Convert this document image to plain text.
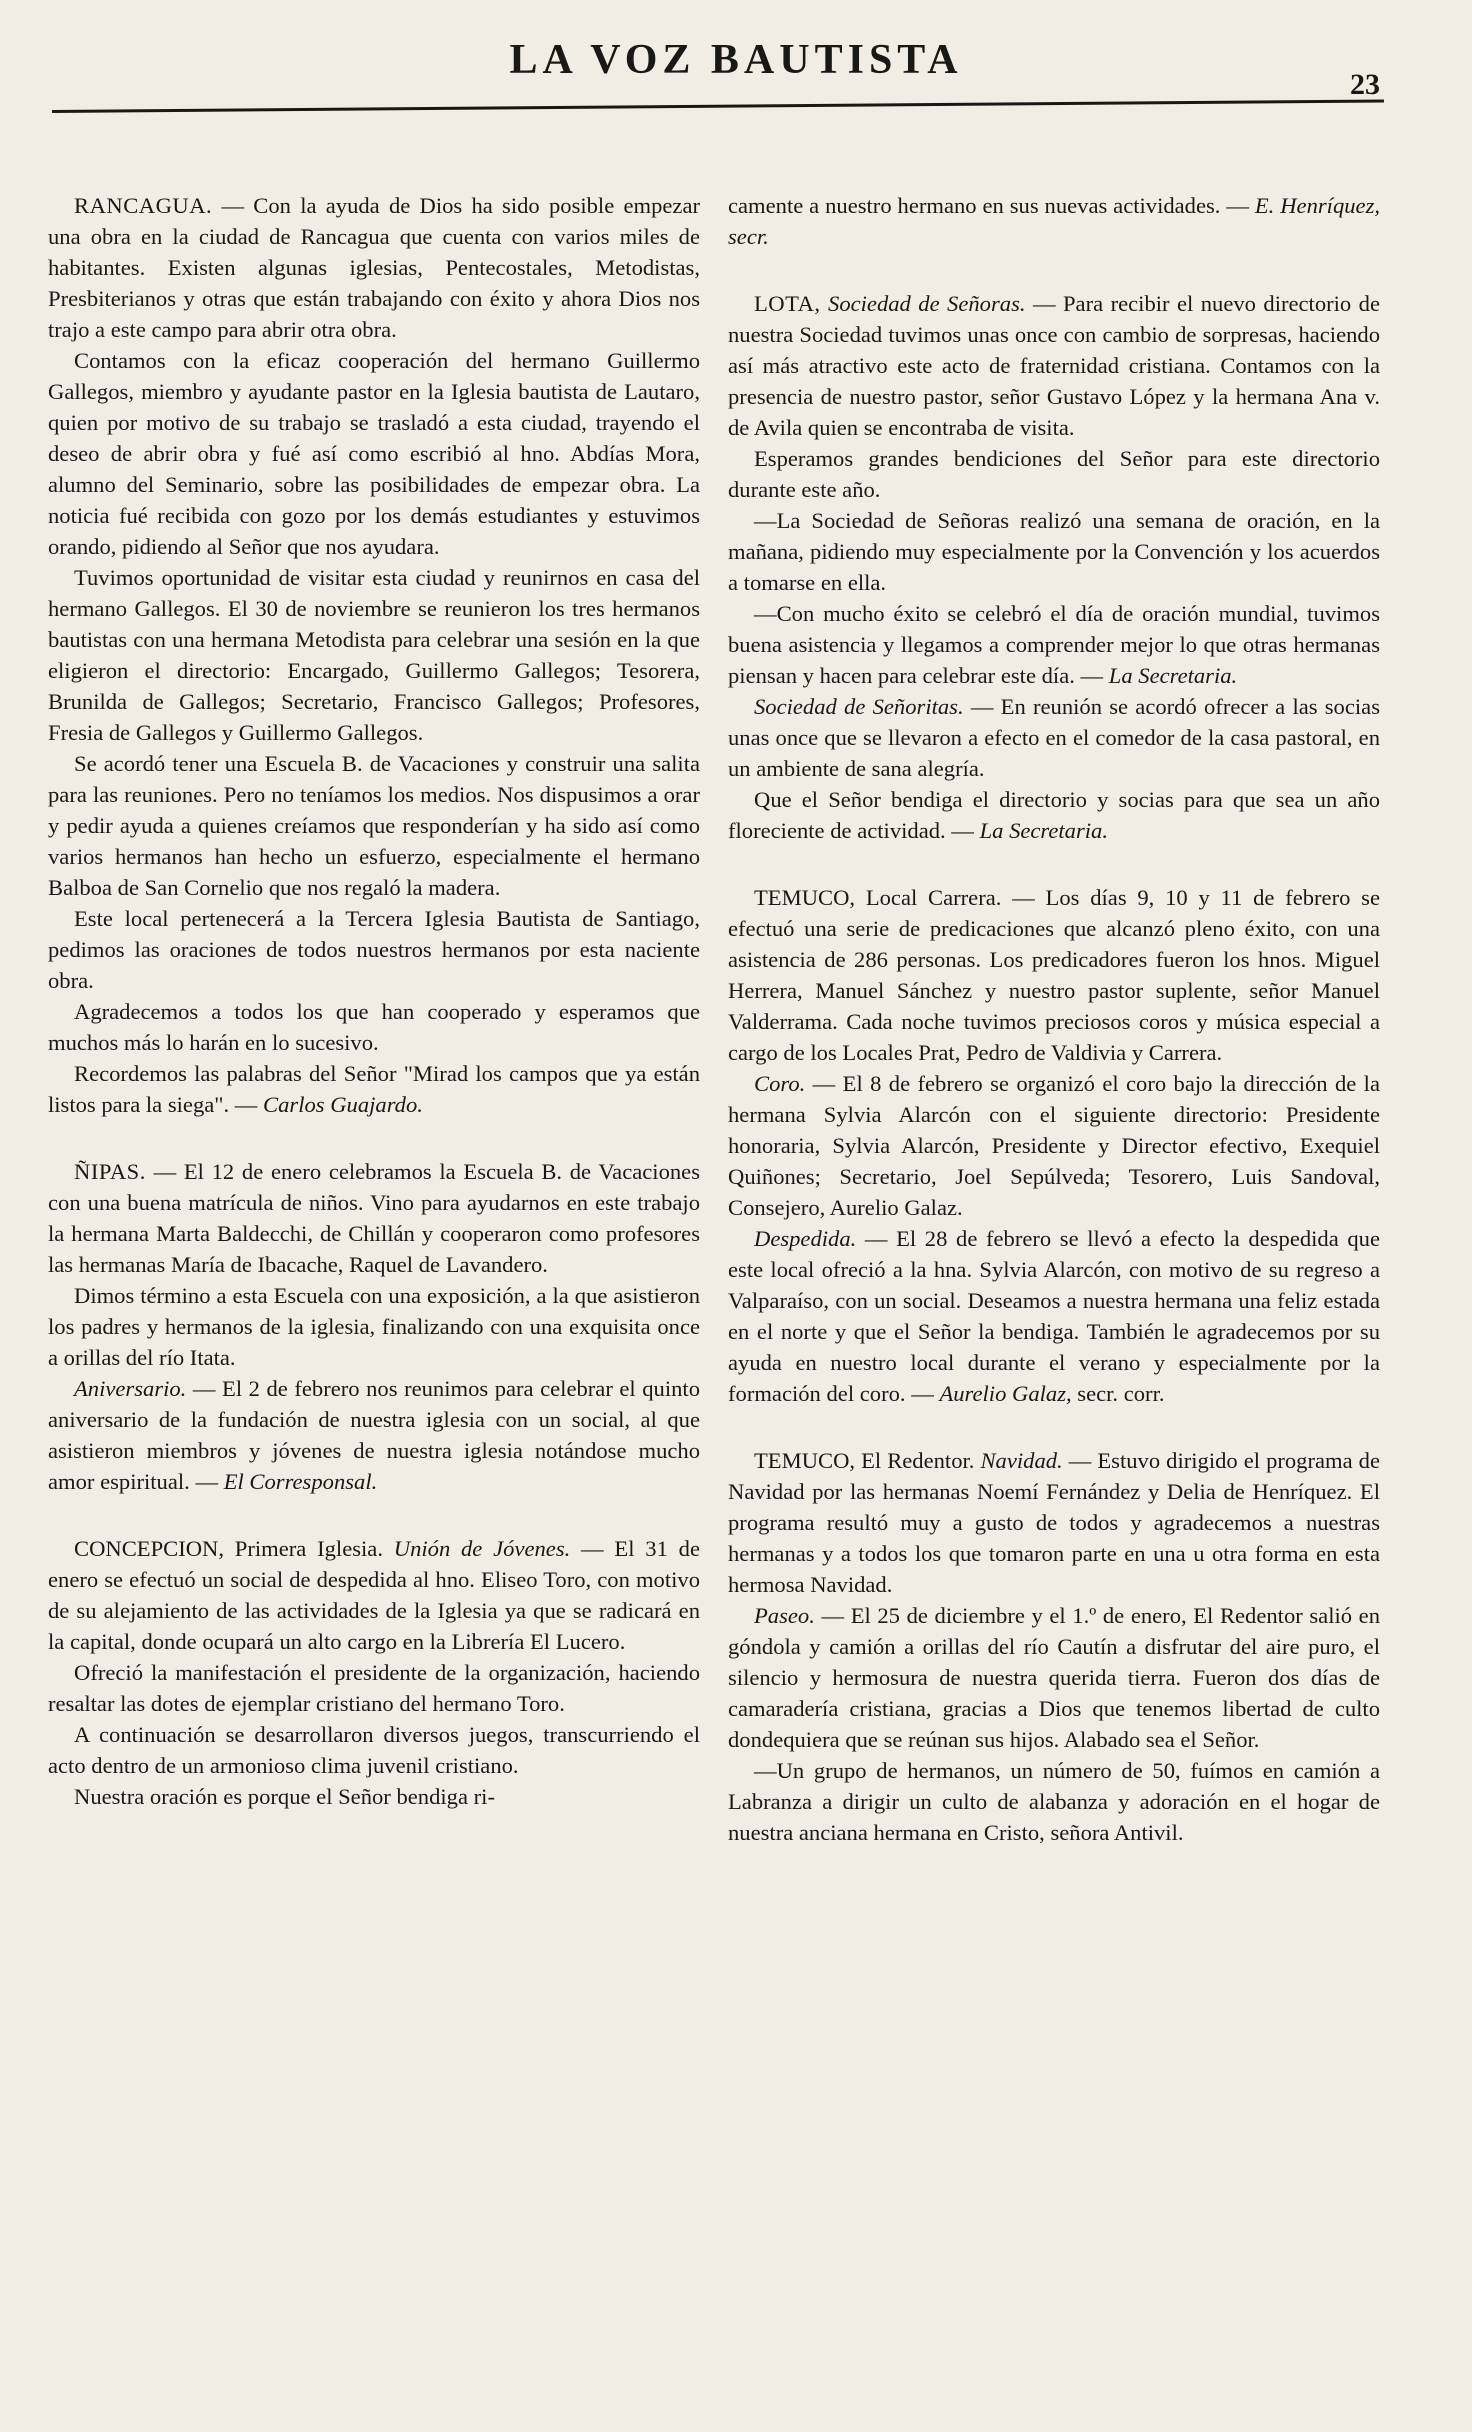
LA VOZ BAUTISTA
23

RANCAGUA. — Con la ayuda de Dios ha sido posible empezar una obra en la ciudad de Rancagua que cuenta con varios miles de habitantes. Existen algunas iglesias, Pentecostales, Metodistas, Presbiterianos y otras que están trabajando con éxito y ahora Dios nos trajo a este campo para abrir otra obra.

Contamos con la eficaz cooperación del hermano Guillermo Gallegos, miembro y ayudante pastor en la Iglesia bautista de Lautaro, quien por motivo de su trabajo se trasladó a esta ciudad, trayendo el deseo de abrir obra y fué así como escribió al hno. Abdías Mora, alumno del Seminario, sobre las posibilidades de empezar obra. La noticia fué recibida con gozo por los demás estudiantes y estuvimos orando, pidiendo al Señor que nos ayudara.

Tuvimos oportunidad de visitar esta ciudad y reunirnos en casa del hermano Gallegos. El 30 de noviembre se reunieron los tres hermanos bautistas con una hermana Metodista para celebrar una sesión en la que eligieron el directorio: Encargado, Guillermo Gallegos; Tesorera, Brunilda de Gallegos; Secretario, Francisco Gallegos; Profesores, Fresia de Gallegos y Guillermo Gallegos.

Se acordó tener una Escuela B. de Vacaciones y construir una salita para las reuniones. Pero no teníamos los medios. Nos dispusimos a orar y pedir ayuda a quienes creíamos que responderían y ha sido así como varios hermanos han hecho un esfuerzo, especialmente el hermano Balboa de San Cornelio que nos regaló la madera.

Este local pertenecerá a la Tercera Iglesia Bautista de Santiago, pedimos las oraciones de todos nuestros hermanos por esta naciente obra.

Agradecemos a todos los que han cooperado y esperamos que muchos más lo harán en lo sucesivo.

Recordemos las palabras del Señor "Mirad los campos que ya están listos para la siega". — Carlos Guajardo.

ÑIPAS. — El 12 de enero celebramos la Escuela B. de Vacaciones con una buena matrícula de niños. Vino para ayudarnos en este trabajo la hermana Marta Baldecchi, de Chillán y cooperaron como profesores las hermanas María de Ibacache, Raquel de Lavandero.

Dimos término a esta Escuela con una exposición, a la que asistieron los padres y hermanos de la iglesia, finalizando con una exquisita once a orillas del río Itata.

Aniversario. — El 2 de febrero nos reunimos para celebrar el quinto aniversario de la fundación de nuestra iglesia con un social, al que asistieron miembros y jóvenes de nuestra iglesia notándose mucho amor espiritual. — El Corresponsal.

CONCEPCION, Primera Iglesia. Unión de Jóvenes. — El 31 de enero se efectuó un social de despedida al hno. Eliseo Toro, con motivo de su alejamiento de las actividades de la Iglesia ya que se radicará en la capital, donde ocupará un alto cargo en la Librería El Lucero.

Ofreció la manifestación el presidente de la organización, haciendo resaltar las dotes de ejemplar cristiano del hermano Toro.

A continuación se desarrollaron diversos juegos, transcurriendo el acto dentro de un armonioso clima juvenil cristiano.

Nuestra oración es porque el Señor bendiga ri-

camente a nuestro hermano en sus nuevas actividades. — E. Henríquez, secr.

LOTA, Sociedad de Señoras. — Para recibir el nuevo directorio de nuestra Sociedad tuvimos unas once con cambio de sorpresas, haciendo así más atractivo este acto de fraternidad cristiana. Contamos con la presencia de nuestro pastor, señor Gustavo López y la hermana Ana v. de Avila quien se encontraba de visita.

Esperamos grandes bendiciones del Señor para este directorio durante este año.

—La Sociedad de Señoras realizó una semana de oración, en la mañana, pidiendo muy especialmente por la Convención y los acuerdos a tomarse en ella.

—Con mucho éxito se celebró el día de oración mundial, tuvimos buena asistencia y llegamos a comprender mejor lo que otras hermanas piensan y hacen para celebrar este día. — La Secretaria.

Sociedad de Señoritas. — En reunión se acordó ofrecer a las socias unas once que se llevaron a efecto en el comedor de la casa pastoral, en un ambiente de sana alegría.

Que el Señor bendiga el directorio y socias para que sea un año floreciente de actividad. — La Secretaria.

TEMUCO, Local Carrera. — Los días 9, 10 y 11 de febrero se efectuó una serie de predicaciones que alcanzó pleno éxito, con una asistencia de 286 personas. Los predicadores fueron los hnos. Miguel Herrera, Manuel Sánchez y nuestro pastor suplente, señor Manuel Valderrama. Cada noche tuvimos preciosos coros y música especial a cargo de los Locales Prat, Pedro de Valdivia y Carrera.

Coro. — El 8 de febrero se organizó el coro bajo la dirección de la hermana Sylvia Alarcón con el siguiente directorio: Presidente honoraria, Sylvia Alarcón, Presidente y Director efectivo, Exequiel Quiñones; Secretario, Joel Sepúlveda; Tesorero, Luis Sandoval, Consejero, Aurelio Galaz.

Despedida. — El 28 de febrero se llevó a efecto la despedida que este local ofreció a la hna. Sylvia Alarcón, con motivo de su regreso a Valparaíso, con un social. Deseamos a nuestra hermana una feliz estada en el norte y que el Señor la bendiga. También le agradecemos por su ayuda en nuestro local durante el verano y especialmente por la formación del coro. — Aurelio Galaz, secr. corr.

TEMUCO, El Redentor. Navidad. — Estuvo dirigido el programa de Navidad por las hermanas Noemí Fernández y Delia de Henríquez. El programa resultó muy a gusto de todos y agradecemos a nuestras hermanas y a todos los que tomaron parte en una u otra forma en esta hermosa Navidad.

Paseo. — El 25 de diciembre y el 1.º de enero, El Redentor salió en góndola y camión a orillas del río Cautín a disfrutar del aire puro, el silencio y hermosura de nuestra querida tierra. Fueron dos días de camaradería cristiana, gracias a Dios que tenemos libertad de culto dondequiera que se reúnan sus hijos. Alabado sea el Señor.

—Un grupo de hermanos, un número de 50, fuímos en camión a Labranza a dirigir un culto de alabanza y adoración en el hogar de nuestra anciana hermana en Cristo, señora Antivil.
